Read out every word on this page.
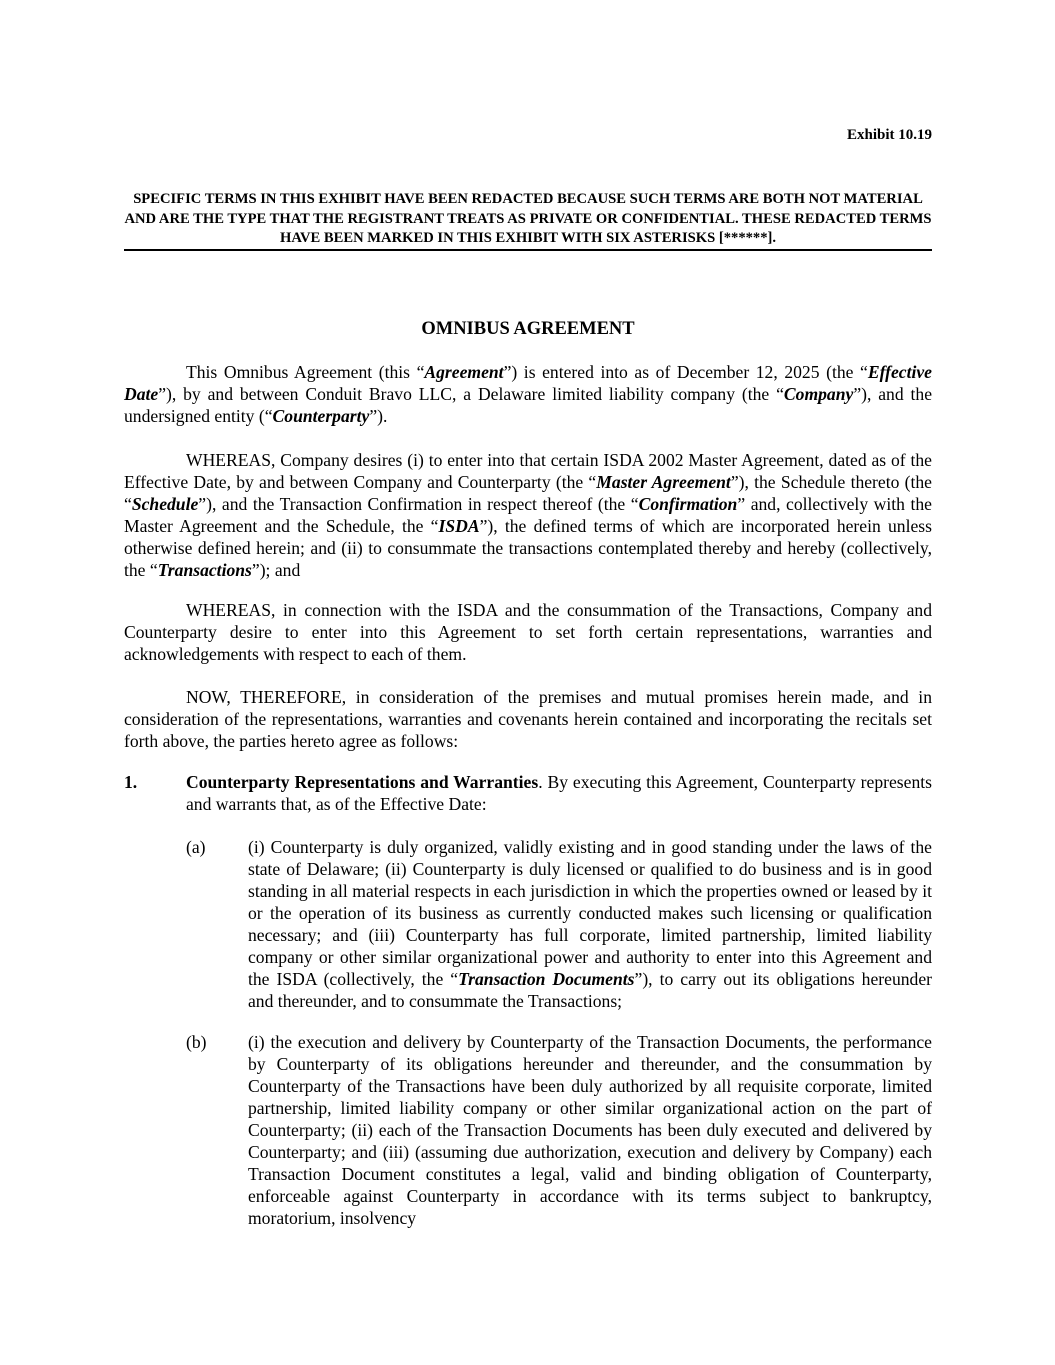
Exhibit 10.19
SPECIFIC TERMS IN THIS EXHIBIT HAVE BEEN REDACTED BECAUSE SUCH TERMS ARE BOTH NOT MATERIAL AND ARE THE TYPE THAT THE REGISTRANT TREATS AS PRIVATE OR CONFIDENTIAL. THESE REDACTED TERMS HAVE BEEN MARKED IN THIS EXHIBIT WITH SIX ASTERISKS [******].
OMNIBUS AGREEMENT
This Omnibus Agreement (this “Agreement”) is entered into as of December 12, 2025 (the “Effective Date”), by and between Conduit Bravo LLC, a Delaware limited liability company (the “Company”), and the undersigned entity (“Counterparty”).
WHEREAS, Company desires (i) to enter into that certain ISDA 2002 Master Agreement, dated as of the Effective Date, by and between Company and Counterparty (the “Master Agreement”), the Schedule thereto (the “Schedule”), and the Transaction Confirmation in respect thereof (the “Confirmation” and, collectively with the Master Agreement and the Schedule, the “ISDA”), the defined terms of which are incorporated herein unless otherwise defined herein; and (ii) to consummate the transactions contemplated thereby and hereby (collectively, the “Transactions”); and
WHEREAS, in connection with the ISDA and the consummation of the Transactions, Company and Counterparty desire to enter into this Agreement to set forth certain representations, warranties and acknowledgements with respect to each of them.
NOW, THEREFORE, in consideration of the premises and mutual promises herein made, and in consideration of the representations, warranties and covenants herein contained and incorporating the recitals set forth above, the parties hereto agree as follows:
1.	Counterparty Representations and Warranties. By executing this Agreement, Counterparty represents and warrants that, as of the Effective Date:
(a) (i) Counterparty is duly organized, validly existing and in good standing under the laws of the state of Delaware; (ii) Counterparty is duly licensed or qualified to do business and is in good standing in all material respects in each jurisdiction in which the properties owned or leased by it or the operation of its business as currently conducted makes such licensing or qualification necessary; and (iii) Counterparty has full corporate, limited partnership, limited liability company or other similar organizational power and authority to enter into this Agreement and the ISDA (collectively, the “Transaction Documents”), to carry out its obligations hereunder and thereunder, and to consummate the Transactions;
(b) (i) the execution and delivery by Counterparty of the Transaction Documents, the performance by Counterparty of its obligations hereunder and thereunder, and the consummation by Counterparty of the Transactions have been duly authorized by all requisite corporate, limited partnership, limited liability company or other similar organizational action on the part of Counterparty; (ii) each of the Transaction Documents has been duly executed and delivered by Counterparty; and (iii) (assuming due authorization, execution and delivery by Company) each Transaction Document constitutes a legal, valid and binding obligation of Counterparty, enforceable against Counterparty in accordance with its terms subject to bankruptcy, moratorium, insolvency
